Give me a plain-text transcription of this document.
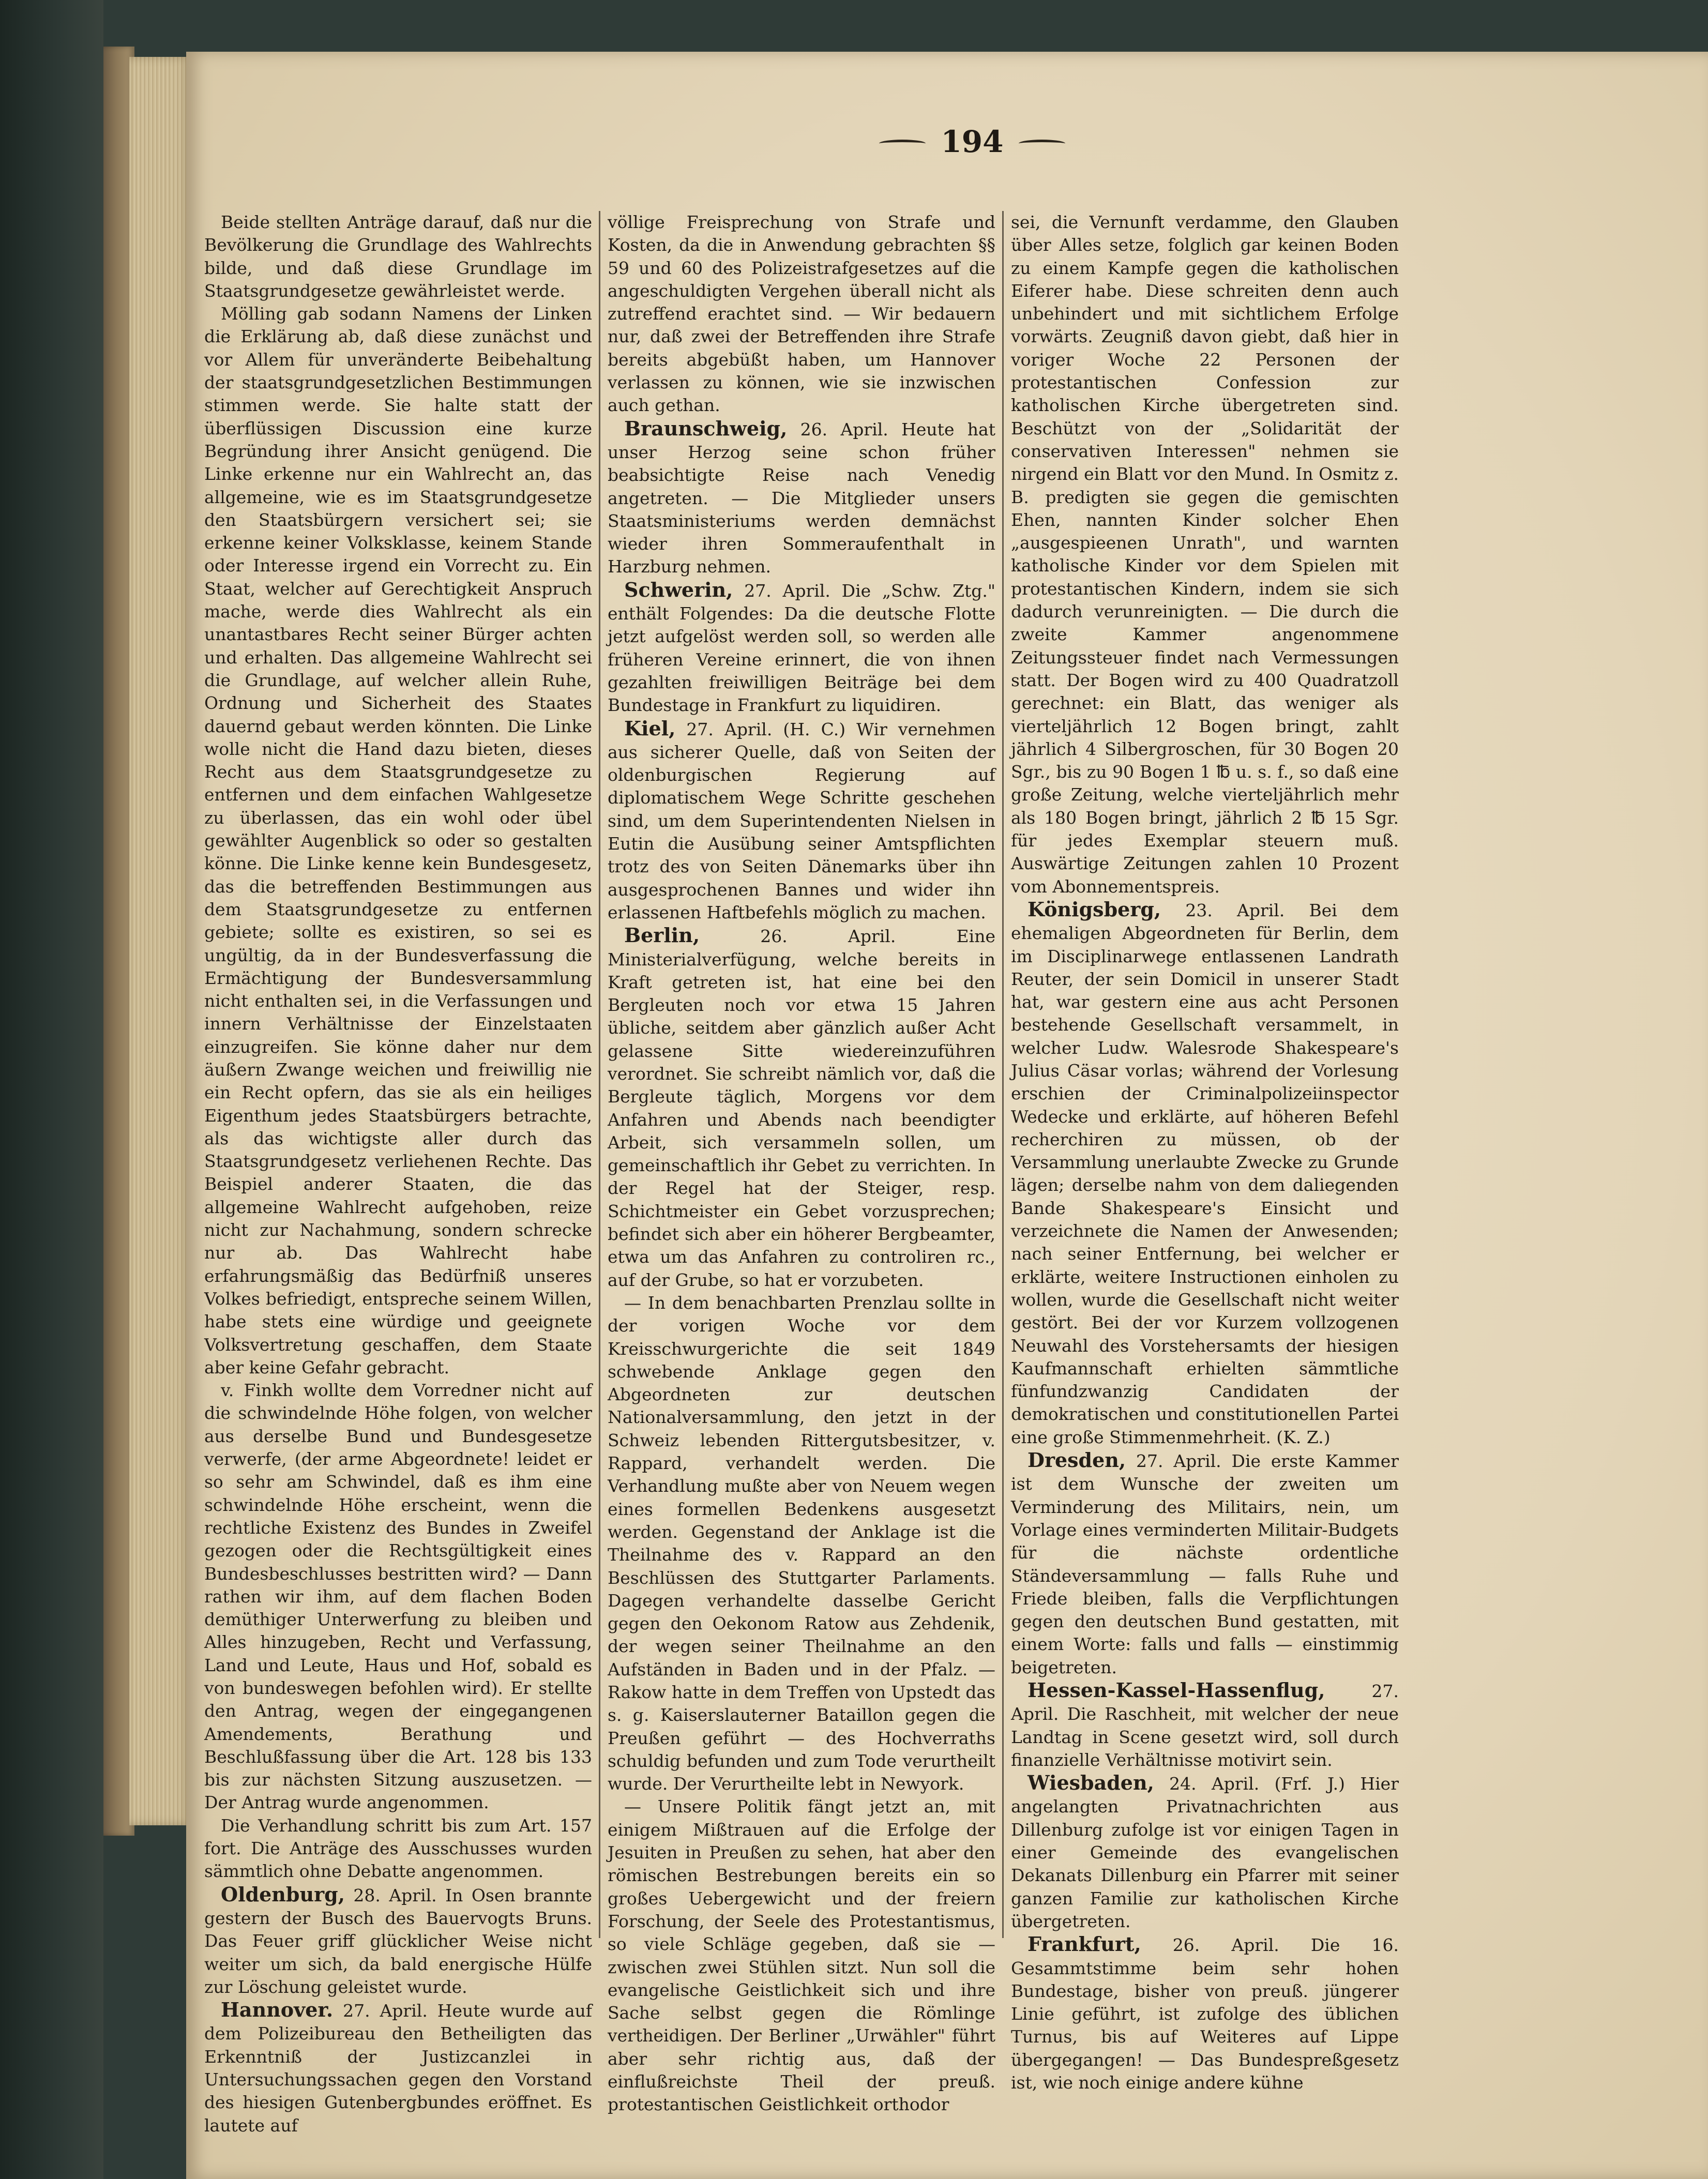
194

Beide stellten Anträge darauf, daß nur die Bevölkerung die Grundlage des Wahlrechts bilde, und daß diese Grundlage im Staatsgrundgesetze gewährleistet werde.

Mölling gab sodann Namens der Linken die Erklärung ab, daß diese zunächst und vor Allem für unveränderte Beibehaltung der staatsgrundgesetzlichen Bestimmungen stimmen werde. Sie halte statt der überflüssigen Discussion eine kurze Begründung ihrer Ansicht genügend. Die Linke erkenne nur ein Wahlrecht an, das allgemeine, wie es im Staatsgrundgesetze den Staatsbürgern versichert sei; sie erkenne keiner Volksklasse, keinem Stande oder Interesse irgend ein Vorrecht zu. Ein Staat, welcher auf Gerechtigkeit Anspruch mache, werde dies Wahlrecht als ein unantastbares Recht seiner Bürger achten und erhalten. Das allgemeine Wahlrecht sei die Grundlage, auf welcher allein Ruhe, Ordnung und Sicherheit des Staates dauernd gebaut werden könnten. Die Linke wolle nicht die Hand dazu bieten, dieses Recht aus dem Staatsgrundgesetze zu entfernen und dem einfachen Wahlgesetze zu überlassen, das ein wohl oder übel gewählter Augenblick so oder so gestalten könne. Die Linke kenne kein Bundesgesetz, das die betreffenden Bestimmungen aus dem Staatsgrundgesetze zu entfernen gebiete; sollte es existiren, so sei es ungültig, da in der Bundesverfassung die Ermächtigung der Bundesversammlung nicht enthalten sei, in die Verfassungen und innern Verhältnisse der Einzelstaaten einzugreifen. Sie könne daher nur dem äußern Zwange weichen und freiwillig nie ein Recht opfern, das sie als ein heiliges Eigenthum jedes Staatsbürgers betrachte, als das wichtigste aller durch das Staatsgrundgesetz verliehenen Rechte. Das Beispiel anderer Staaten, die das allgemeine Wahlrecht aufgehoben, reize nicht zur Nachahmung, sondern schrecke nur ab. Das Wahlrecht habe erfahrungsmäßig das Bedürfniß unseres Volkes befriedigt, entspreche seinem Willen, habe stets eine würdige und geeignete Volksvertretung geschaffen, dem Staate aber keine Gefahr gebracht.

v. Finkh wollte dem Vorredner nicht auf die schwindelnde Höhe folgen, von welcher aus derselbe Bund und Bundesgesetze verwerfe, (der arme Abgeordnete! leidet er so sehr am Schwindel, daß es ihm eine schwindelnde Höhe erscheint, wenn die rechtliche Existenz des Bundes in Zweifel gezogen oder die Rechtsgültigkeit eines Bundesbeschlusses bestritten wird? — Dann rathen wir ihm, auf dem flachen Boden demüthiger Unterwerfung zu bleiben und Alles hinzugeben, Recht und Verfassung, Land und Leute, Haus und Hof, sobald es von bundeswegen befohlen wird). Er stellte den Antrag, wegen der eingegangenen Amendements, Berathung und Beschlußfassung über die Art. 128 bis 133 bis zur nächsten Sitzung auszusetzen. — Der Antrag wurde angenommen.

Die Verhandlung schritt bis zum Art. 157 fort. Die Anträge des Ausschusses wurden sämmtlich ohne Debatte angenommen.

Oldenburg, 28. April. In Osen brannte gestern der Busch des Bauervogts Bruns. Das Feuer griff glücklicher Weise nicht weiter um sich, da bald energische Hülfe zur Löschung geleistet wurde.

Hannover. 27. April. Heute wurde auf dem Polizeibureau den Betheiligten das Erkenntniß der Justizcanzlei in Untersuchungssachen gegen den Vorstand des hiesigen Gutenbergbundes eröffnet. Es lautete auf

völlige Freisprechung von Strafe und Kosten, da die in Anwendung gebrachten §§ 59 und 60 des Polizeistrafgesetzes auf die angeschuldigten Vergehen überall nicht als zutreffend erachtet sind. — Wir bedauern nur, daß zwei der Betreffenden ihre Strafe bereits abgebüßt haben, um Hannover verlassen zu können, wie sie inzwischen auch gethan.

Braunschweig, 26. April. Heute hat unser Herzog seine schon früher beabsichtigte Reise nach Venedig angetreten. — Die Mitglieder unsers Staatsministeriums werden demnächst wieder ihren Sommeraufenthalt in Harzburg nehmen.

Schwerin, 27. April. Die „Schw. Ztg." enthält Folgendes: Da die deutsche Flotte jetzt aufgelöst werden soll, so werden alle früheren Vereine erinnert, die von ihnen gezahlten freiwilligen Beiträge bei dem Bundestage in Frankfurt zu liquidiren.

Kiel, 27. April. (H. C.) Wir vernehmen aus sicherer Quelle, daß von Seiten der oldenburgischen Regierung auf diplomatischem Wege Schritte geschehen sind, um dem Superintendenten Nielsen in Eutin die Ausübung seiner Amtspflichten trotz des von Seiten Dänemarks über ihn ausgesprochenen Bannes und wider ihn erlassenen Haftbefehls möglich zu machen.

Berlin, 26. April. Eine Ministerialverfügung, welche bereits in Kraft getreten ist, hat eine bei den Bergleuten noch vor etwa 15 Jahren übliche, seitdem aber gänzlich außer Acht gelassene Sitte wiedereinzuführen verordnet. Sie schreibt nämlich vor, daß die Bergleute täglich, Morgens vor dem Anfahren und Abends nach beendigter Arbeit, sich versammeln sollen, um gemeinschaftlich ihr Gebet zu verrichten. In der Regel hat der Steiger, resp. Schichtmeister ein Gebet vorzusprechen; befindet sich aber ein höherer Bergbeamter, etwa um das Anfahren zu controliren rc., auf der Grube, so hat er vorzubeten.

— In dem benachbarten Prenzlau sollte in der vorigen Woche vor dem Kreisschwurgerichte die seit 1849 schwebende Anklage gegen den Abgeordneten zur deutschen Nationalversammlung, den jetzt in der Schweiz lebenden Rittergutsbesitzer, v. Rappard, verhandelt werden. Die Verhandlung mußte aber von Neuem wegen eines formellen Bedenkens ausgesetzt werden. Gegenstand der Anklage ist die Theilnahme des v. Rappard an den Beschlüssen des Stuttgarter Parlaments. Dagegen verhandelte dasselbe Gericht gegen den Oekonom Ratow aus Zehdenik, der wegen seiner Theilnahme an den Aufständen in Baden und in der Pfalz. — Rakow hatte in dem Treffen von Upstedt das s. g. Kaiserslauterner Bataillon gegen die Preußen geführt — des Hochverraths schuldig befunden und zum Tode verurtheilt wurde. Der Verurtheilte lebt in Newyork.

— Unsere Politik fängt jetzt an, mit einigem Mißtrauen auf die Erfolge der Jesuiten in Preußen zu sehen, hat aber den römischen Bestrebungen bereits ein so großes Uebergewicht und der freiern Forschung, der Seele des Protestantismus, so viele Schläge gegeben, daß sie — zwischen zwei Stühlen sitzt. Nun soll die evangelische Geistlichkeit sich und ihre Sache selbst gegen die Römlinge vertheidigen. Der Berliner „Urwähler" führt aber sehr richtig aus, daß der einflußreichste Theil der preuß. protestantischen Geistlichkeit orthodor

sei, die Vernunft verdamme, den Glauben über Alles setze, folglich gar keinen Boden zu einem Kampfe gegen die katholischen Eiferer habe. Diese schreiten denn auch unbehindert und mit sichtlichem Erfolge vorwärts. Zeugniß davon giebt, daß hier in voriger Woche 22 Personen der protestantischen Confession zur katholischen Kirche übergetreten sind. Beschützt von der „Solidarität der conservativen Interessen" nehmen sie nirgend ein Blatt vor den Mund. In Osmitz z. B. predigten sie gegen die gemischten Ehen, nannten Kinder solcher Ehen „ausgespieenen Unrath", und warnten katholische Kinder vor dem Spielen mit protestantischen Kindern, indem sie sich dadurch verunreinigten. — Die durch die zweite Kammer angenommene Zeitungssteuer findet nach Vermessungen statt. Der Bogen wird zu 400 Quadratzoll gerechnet: ein Blatt, das weniger als vierteljährlich 12 Bogen bringt, zahlt jährlich 4 Silbergroschen, für 30 Bogen 20 Sgr., bis zu 90 Bogen 1 ℔ u. s. f., so daß eine große Zeitung, welche vierteljährlich mehr als 180 Bogen bringt, jährlich 2 ℔ 15 Sgr. für jedes Exemplar steuern muß. Auswärtige Zeitungen zahlen 10 Prozent vom Abonnementspreis.

Königsberg, 23. April. Bei dem ehemaligen Abgeordneten für Berlin, dem im Disciplinarwege entlassenen Landrath Reuter, der sein Domicil in unserer Stadt hat, war gestern eine aus acht Personen bestehende Gesellschaft versammelt, in welcher Ludw. Walesrode Shakespeare's Julius Cäsar vorlas; während der Vorlesung erschien der Criminalpolizeiinspector Wedecke und erklärte, auf höheren Befehl recherchiren zu müssen, ob der Versammlung unerlaubte Zwecke zu Grunde lägen; derselbe nahm von dem daliegenden Bande Shakespeare's Einsicht und verzeichnete die Namen der Anwesenden; nach seiner Entfernung, bei welcher er erklärte, weitere Instructionen einholen zu wollen, wurde die Gesellschaft nicht weiter gestört. Bei der vor Kurzem vollzogenen Neuwahl des Vorstehersamts der hiesigen Kaufmannschaft erhielten sämmtliche fünfundzwanzig Candidaten der demokratischen und constitutionellen Partei eine große Stimmenmehrheit. (K. Z.)

Dresden, 27. April. Die erste Kammer ist dem Wunsche der zweiten um Verminderung des Militairs, nein, um Vorlage eines verminderten Militair-Budgets für die nächste ordentliche Ständeversammlung — falls Ruhe und Friede bleiben, falls die Verpflichtungen gegen den deutschen Bund gestatten, mit einem Worte: falls und falls — einstimmig beigetreten.

Hessen-Kassel-Hassenflug, 27. April. Die Raschheit, mit welcher der neue Landtag in Scene gesetzt wird, soll durch finanzielle Verhältnisse motivirt sein.

Wiesbaden, 24. April. (Frf. J.) Hier angelangten Privatnachrichten aus Dillenburg zufolge ist vor einigen Tagen in einer Gemeinde des evangelischen Dekanats Dillenburg ein Pfarrer mit seiner ganzen Familie zur katholischen Kirche übergetreten.

Frankfurt, 26. April. Die 16. Gesammtstimme beim sehr hohen Bundestage, bisher von preuß. jüngerer Linie geführt, ist zufolge des üblichen Turnus, bis auf Weiteres auf Lippe übergegangen! — Das Bundespreßgesetz ist, wie noch einige andere kühne
